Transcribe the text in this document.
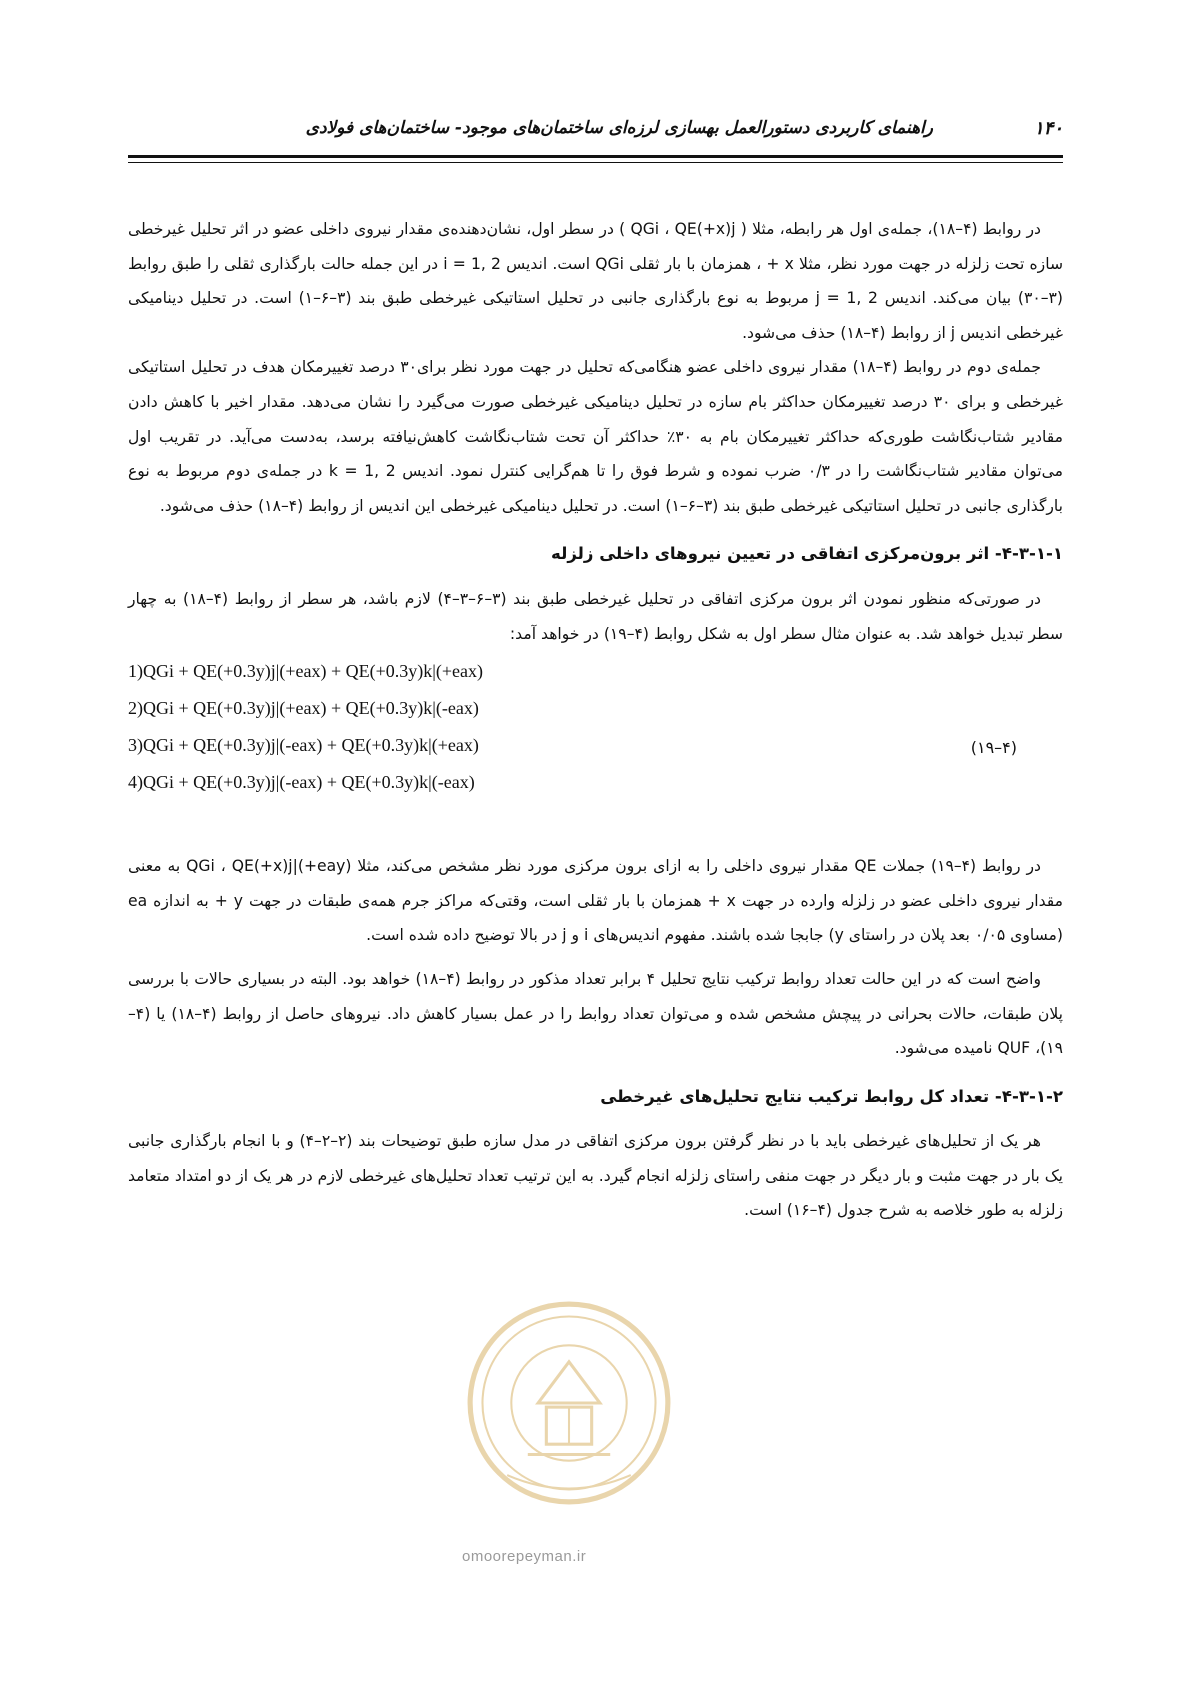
۱۴۰
راهنمای کاربردی دستورالعمل بهسازی لرزه‌ای ساختمان‌های موجود- ساختمان‌های فولادی

در روابط (۴–۱۸)، جمله‌ی اول هر رابطه، مثلا ( QGi ، QE(+x)j ) در سطر اول، نشان‌دهنده‌ی مقدار نیروی داخلی عضو در اثر تحلیل غیرخطی سازه تحت زلزله در جهت مورد نظر، مثلا x + ، همزمان با بار ثقلی QGi است. اندیس i = 1, 2 در این جمله حالت بارگذاری ثقلی را طبق روابط (۳–۳۰) بیان می‌کند. اندیس j = 1, 2 مربوط به نوع بارگذاری جانبی در تحلیل استاتیکی غیرخطی طبق بند (۳–۶–۱) است. در تحلیل دینامیکی غیرخطی اندیس j از روابط (۴–۱۸) حذف می‌شود.

جمله‌ی دوم در روابط (۴–۱۸) مقدار نیروی داخلی عضو هنگامی‌که تحلیل در جهت مورد نظر برای۳۰ درصد تغییرمکان هدف در تحلیل استاتیکی غیرخطی و برای ۳۰ درصد تغییرمکان حداکثر بام سازه در تحلیل دینامیکی غیرخطی صورت می‌گیرد را نشان می‌دهد. مقدار اخیر با کاهش دادن مقادیر شتاب‌نگاشت طوری‌که حداکثر تغییرمکان بام به ۳۰٪ حداکثر آن تحت شتاب‌نگاشت کاهش‌نیافته برسد، به‌دست می‌آید. در تقریب اول می‌توان مقادیر شتاب‌نگاشت را در ۰/۳ ضرب نموده و شرط فوق را تا هم‌گرایی کنترل نمود. اندیس k = 1, 2 در جمله‌ی دوم مربوط به نوع بارگذاری جانبی در تحلیل استاتیکی غیرخطی طبق بند (۳–۶–۱) است. در تحلیل دینامیکی غیرخطی این اندیس از روابط (۴–۱۸) حذف می‌شود.

۴-۳-۱-۱- اثر برون‌مرکزی اتفاقی در تعیین نیروهای داخلی زلزله

در صورتی‌که منظور نمودن اثر برون مرکزی اتفاقی در تحلیل غیرخطی طبق بند (۳–۶–۳–۴) لازم باشد، هر سطر از روابط (۴–۱۸) به چهار سطر تبدیل خواهد شد. به عنوان مثال سطر اول به شکل روابط (۴–۱۹) در خواهد آمد:

1)QGi + QE(+0.3y)j|(+eax) + QE(+0.3y)k|(+eax)
2)QGi + QE(+0.3y)j|(+eax) + QE(+0.3y)k|(-eax)
3)QGi + QE(+0.3y)j|(-eax) + QE(+0.3y)k|(+eax)
4)QGi + QE(+0.3y)j|(-eax) + QE(+0.3y)k|(-eax)
(۴–۱۹)

در روابط (۴–۱۹) جملات QE مقدار نیروی داخلی را به ازای برون مرکزی مورد نظر مشخص می‌کند، مثلا QGi ، QE(+x)j|(+eay) به معنی مقدار نیروی داخلی عضو در زلزله وارده در جهت x + همزمان با بار ثقلی است، وقتی‌که مراکز جرم همه‌ی طبقات در جهت y + به اندازه ea (مساوی ۰/۰۵ بعد پلان در راستای y) جابجا شده باشند. مفهوم اندیس‌های i و j در بالا توضیح داده شده است.

واضح است که در این حالت تعداد روابط ترکیب نتایج تحلیل ۴ برابر تعداد مذکور در روابط (۴–۱۸) خواهد بود. البته در بسیاری حالات با بررسی پلان طبقات، حالات بحرانی در پیچش مشخص شده و می‌توان تعداد روابط را در عمل بسیار کاهش داد. نیروهای حاصل از روابط (۴–۱۸) یا (۴–۱۹)، QUF نامیده می‌شود.

۴-۳-۱-۲- تعداد کل روابط ترکیب نتایج تحلیل‌های غیرخطی

هر یک از تحلیل‌های غیرخطی باید با در نظر گرفتن برون مرکزی اتفاقی در مدل سازه طبق توضیحات بند (۲–۲–۴) و با انجام بارگذاری جانبی یک بار در جهت مثبت و بار دیگر در جهت منفی راستای زلزله انجام گیرد. به این ترتیب تعداد تحلیل‌های غیرخطی لازم در هر یک از دو امتداد متعامد زلزله به طور خلاصه به شرح جدول (۴–۱۶) است.

omoorepeyman.ir
